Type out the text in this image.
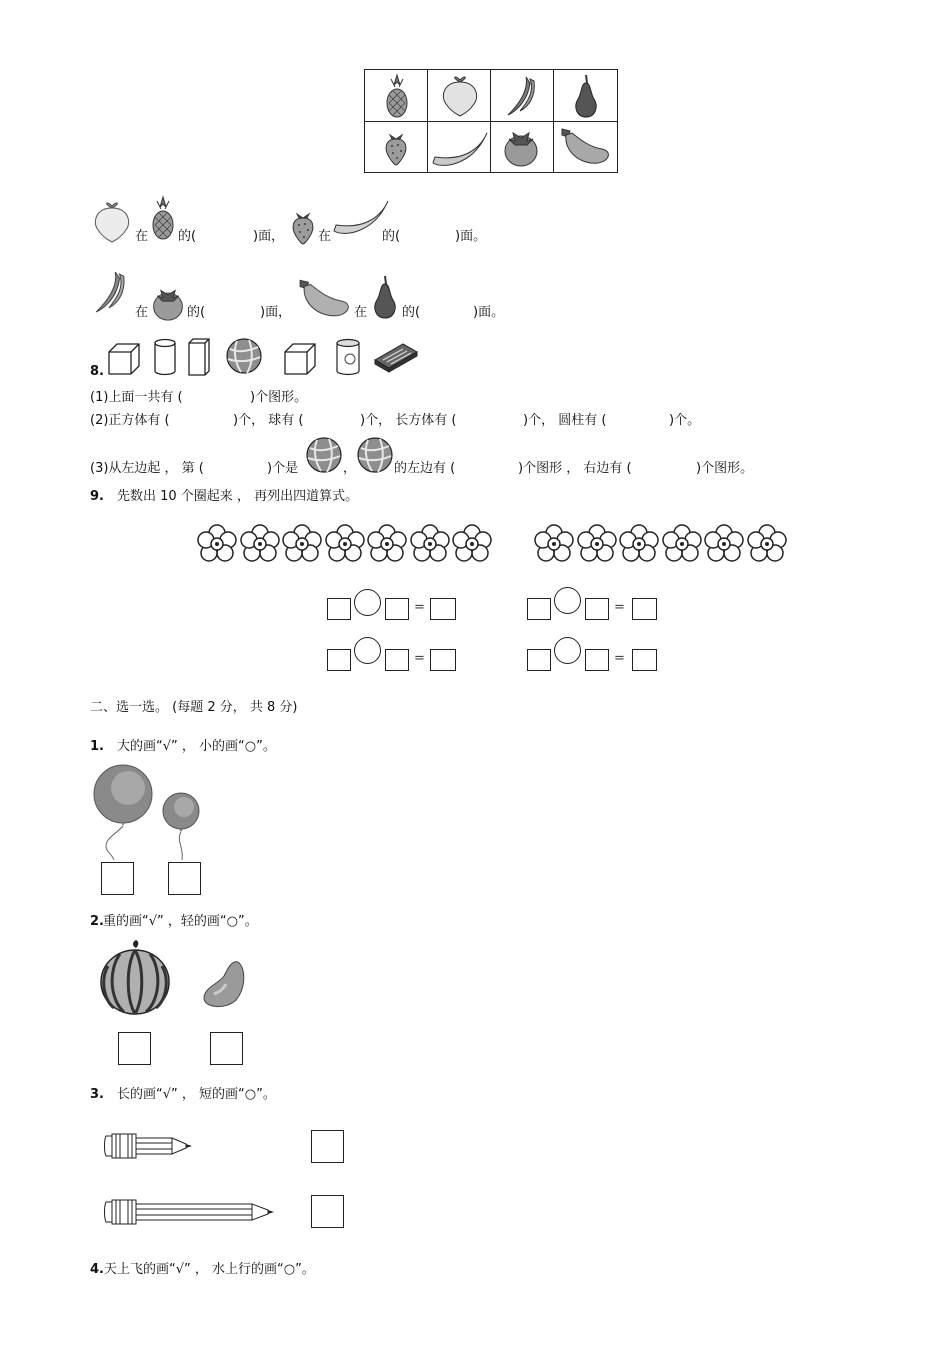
在 的(	)面，	在	的(	)面。
在	的(	)面，	在	的(	)面。
8.
(1)上面一共有 (	)个图形。
(2)正方体有 (	)个， 球有 (	)个， 长方体有 (	)个， 圆柱有 (	)个。
(3)从左边起 ， 第 (	)个是	，	的左边有 (	)个图形 ， 右边有 (	)个图形。
9. 先数出 10 个圈起来 ， 再列出四道算式。
=	=
=	=
二、选一选。 (每题 2 分， 共 8 分)
1. 大的画“√” ， 小的画“○”。
2. 重的画“√” ，轻的画“○”。
3. 长的画“√” ， 短的画“○”。
4. 天上飞的画“√” ， 水上行的画“○”。
